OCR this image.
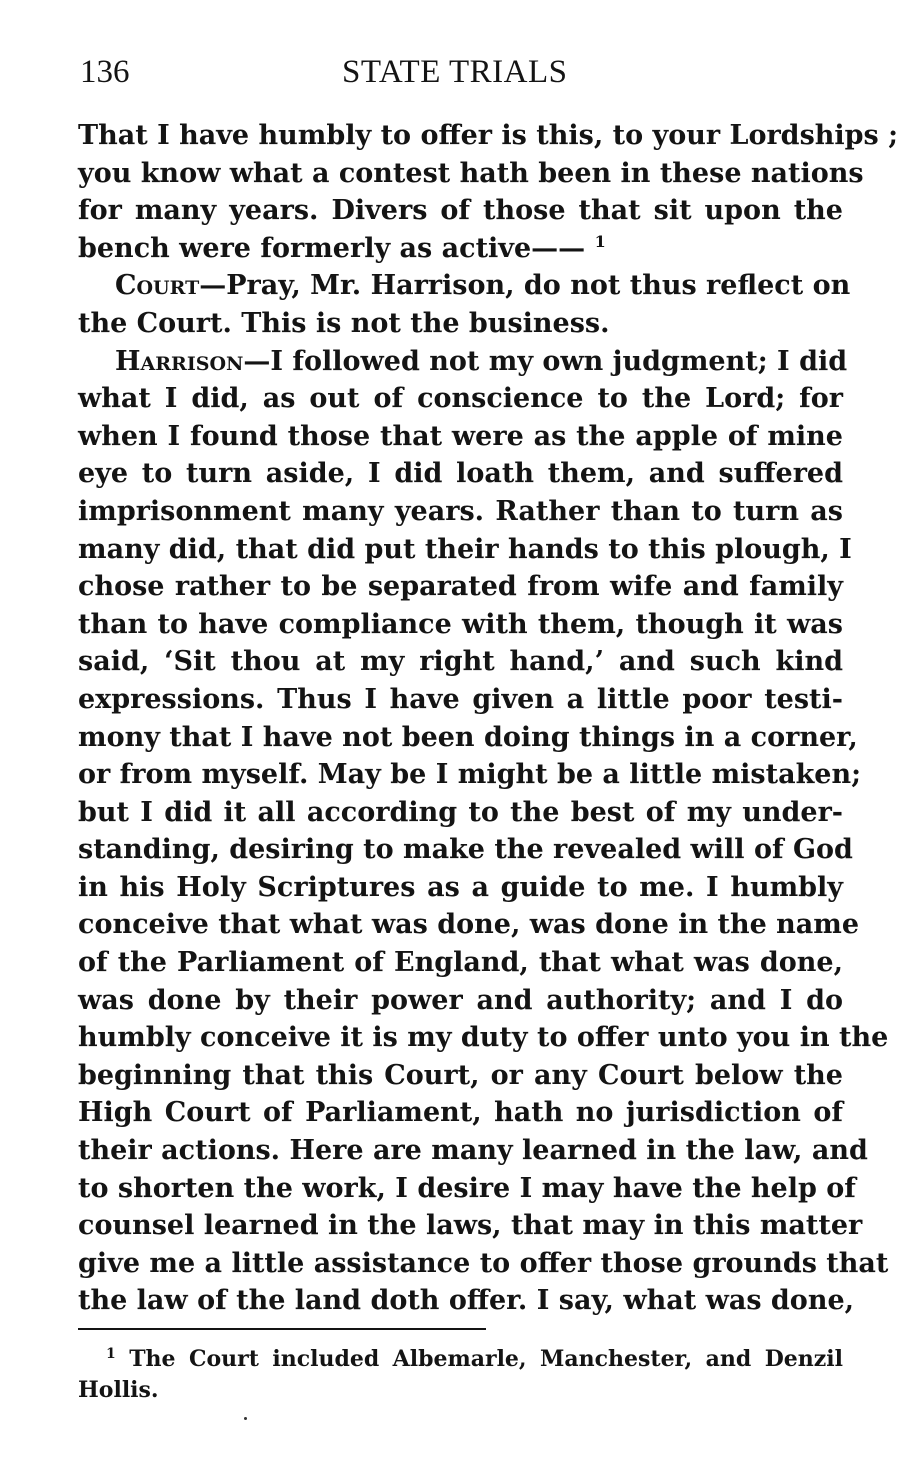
136	STATE TRIALS
That I have humbly to offer is this, to your Lordships ;
you know what a contest hath been in these nations
for many years. Divers of those that sit upon the
bench were formerly as active—— $^1$
Court—Pray, Mr. Harrison, do not thus reflect on
the Court. This is not the business.
Harrison—I followed not my own judgment; I did
what I did, as out of conscience to the Lord; for
when I found those that were as the apple of mine
eye to turn aside, I did loath them, and suffered
imprisonment many years. Rather than to turn as
many did, that did put their hands to this plough, I
chose rather to be separated from wife and family
than to have compliance with them, though it was
said, ‘Sit thou at my right hand,’ and such kind
expressions. Thus I have given a little poor testi-
mony that I have not been doing things in a corner,
or from myself. May be I might be a little mistaken;
but I did it all according to the best of my under-
standing, desiring to make the revealed will of God
in his Holy Scriptures as a guide to me. I humbly
conceive that what was done, was done in the name
of the Parliament of England, that what was done,
was done by their power and authority; and I do
humbly conceive it is my duty to offer unto you in the
beginning that this Court, or any Court below the
High Court of Parliament, hath no jurisdiction of
their actions. Here are many learned in the law, and
to shorten the work, I desire I may have the help of
counsel learned in the laws, that may in this matter
give me a little assistance to offer those grounds that
the law of the land doth offer. I say, what was done,
$^1$ The Court included Albemarle, Manchester, and Denzil
Hollis.
